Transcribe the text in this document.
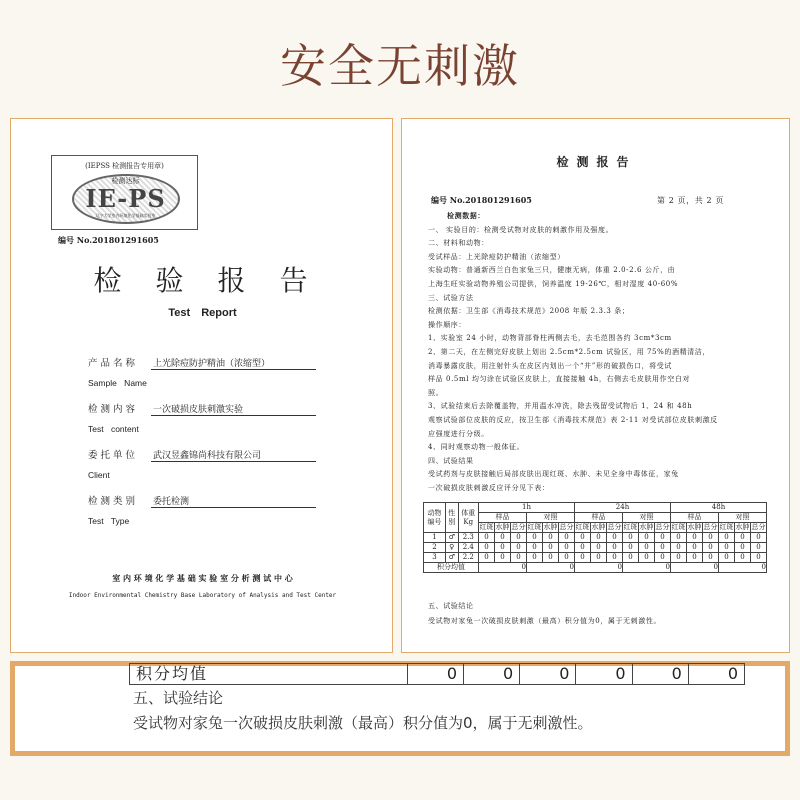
安全无刺激
(IEPSS 检测报告专用章)
检测达标
IE-PS
辽宁大学室内环境化学基础实验室
编号 No.201801291605
检验报告
Test Report
产品名称 上光除痘防护精油（浓缩型）
Sample Name
检测内容 一次破损皮肤刺激实验
Test content
委托单位 武汉昱鑫锦尚科技有限公司
Client
检测类别 委托检测
Test Type
室 内 环 境 化 学 基 础 实 验 室 分 析 测 试 中 心
Indoor Environmental Chemistry Base Laboratory of Analysis and Test Center
检测报告
编号 No.201801291605	第 2 页，共 2 页
检测数据：
一、 实验目的：检测受试物对皮肤的刺激作用及强度。
二、材料和动物：
受试样品：上光除痘防护精油（浓缩型）
实验动物：普通新西兰白色家兔三只，健康无病，体重 2.0-2.6 公斤，由
上海生旺实验动物养殖公司提供，饲养温度 19-26℃，相对湿度 40-60%
三、试验方法
检测依据：卫生部《消毒技术规范》2008 年版 2.3.3 条；
操作顺序：
1、实验室 24 小时，动物背部脊柱两侧去毛，去毛范围各约 3cm*3cm
2、第二天，在左侧完好皮肤上划出 2.5cm*2.5cm 试验区，用 75%的酒精清洁，
消毒暴露皮肤，用注射针头在皮区内划出一个“井”形的破损伤口，将受试
样品 0.5ml 均匀涂在试验区皮肤上，直接接触 4h，右侧去毛皮肤用作空白对
照。
3、试验结束后去除覆盖物，并用温水冲洗，除去残留受试物后 1、24 和 48h
观察试验部位皮肤的反应，按卫生部《消毒技术规范》表 2-11 对受试部位皮肤刺激反
应强度进行分级。
4、同时观察动物一般体征。
四、试验结果
受试药剂与皮肤接触后局部皮肤出现红斑、水肿、未见全身中毒体征，家兔
一次破损皮肤刺激反应评分见下表：
动物编号	性别	体重Kg	1h						24h						48h					
			样品			对照			样品			对照			样品			对照		
			红斑	水肿	总分	红斑	水肿	总分	红斑	水肿	总分	红斑	水肿	总分	红斑	水肿	总分	红斑	水肿	总分
1	♂	2.3	0	0	0	0	0	0	0	0	0	0	0	0	0	0	0	0	0	0
2	♀	2.4	0	0	0	0	0	0	0	0	0	0	0	0	0	0	0	0	0	0
3	♂	2.2	0	0	0	0	0	0	0	0	0	0	0	0	0	0	0	0	0	0
积分均值			0			0			0			0			0			0		
五、试验结论
受试物对家兔一次破损皮肤刺激（最高）积分值为0，属于无刺激性。
积分均值	0	0	0	0	0	0
五、试验结论
受试物对家兔一次破损皮肤刺激（最高）积分值为0，属于无刺激性。
